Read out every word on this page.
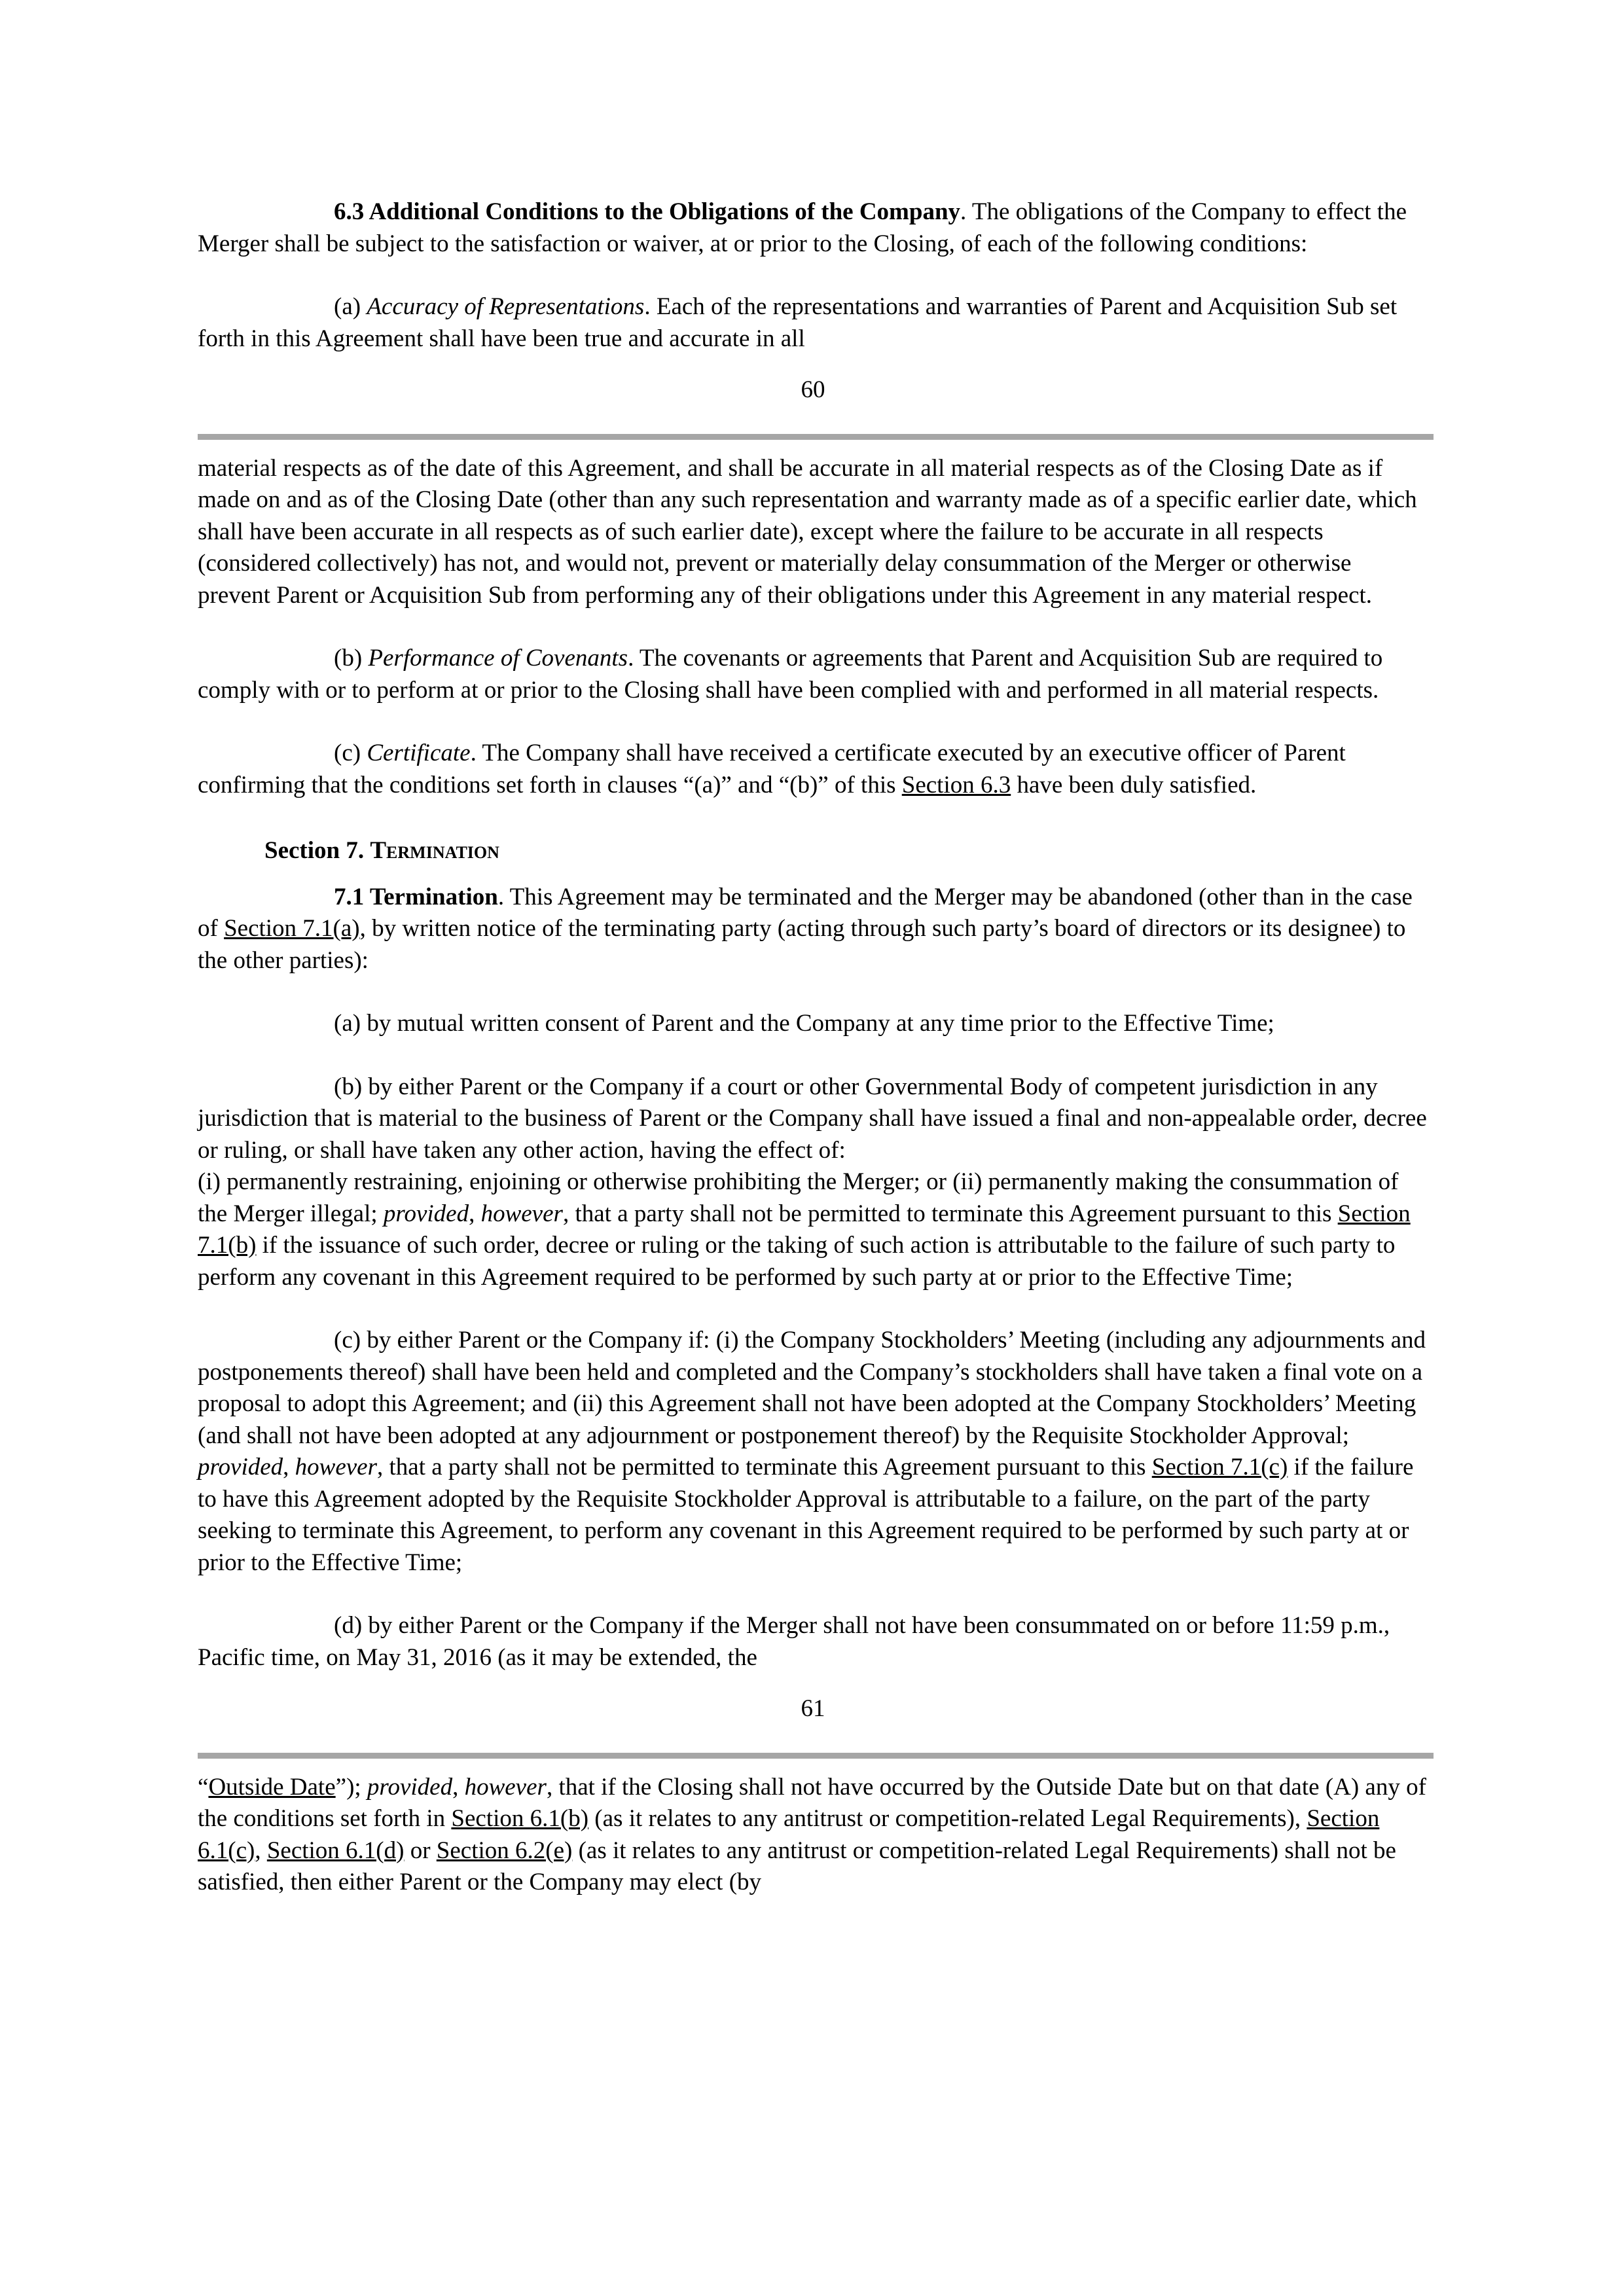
6.3 Additional Conditions to the Obligations of the Company. The obligations of the Company to effect the Merger shall be subject to the satisfaction or waiver, at or prior to the Closing, of each of the following conditions:

(a) Accuracy of Representations. Each of the representations and warranties of Parent and Acquisition Sub set forth in this Agreement shall have been true and accurate in all

60

material respects as of the date of this Agreement, and shall be accurate in all material respects as of the Closing Date as if made on and as of the Closing Date (other than any such representation and warranty made as of a specific earlier date, which shall have been accurate in all respects as of such earlier date), except where the failure to be accurate in all respects (considered collectively) has not, and would not, prevent or materially delay consummation of the Merger or otherwise prevent Parent or Acquisition Sub from performing any of their obligations under this Agreement in any material respect.

(b) Performance of Covenants. The covenants or agreements that Parent and Acquisition Sub are required to comply with or to perform at or prior to the Closing shall have been complied with and performed in all material respects.

(c) Certificate. The Company shall have received a certificate executed by an executive officer of Parent confirming that the conditions set forth in clauses “(a)” and “(b)” of this Section 6.3 have been duly satisfied.

Section 7. Termination

7.1 Termination. This Agreement may be terminated and the Merger may be abandoned (other than in the case of Section 7.1(a), by written notice of the terminating party (acting through such party’s board of directors or its designee) to the other parties):

(a) by mutual written consent of Parent and the Company at any time prior to the Effective Time;

(b) by either Parent or the Company if a court or other Governmental Body of competent jurisdiction in any jurisdiction that is material to the business of Parent or the Company shall have issued a final and non-appealable order, decree or ruling, or shall have taken any other action, having the effect of:

(i) permanently restraining, enjoining or otherwise prohibiting the Merger; or (ii) permanently making the consummation of the Merger illegal; provided, however, that a party shall not be permitted to terminate this Agreement pursuant to this Section 7.1(b) if the issuance of such order, decree or ruling or the taking of such action is attributable to the failure of such party to perform any covenant in this Agreement required to be performed by such party at or prior to the Effective Time;

(c) by either Parent or the Company if: (i) the Company Stockholders’ Meeting (including any adjournments and postponements thereof) shall have been held and completed and the Company’s stockholders shall have taken a final vote on a proposal to adopt this Agreement; and (ii) this Agreement shall not have been adopted at the Company Stockholders’ Meeting (and shall not have been adopted at any adjournment or postponement thereof) by the Requisite Stockholder Approval; provided, however, that a party shall not be permitted to terminate this Agreement pursuant to this Section 7.1(c) if the failure to have this Agreement adopted by the Requisite Stockholder Approval is attributable to a failure, on the part of the party seeking to terminate this Agreement, to perform any covenant in this Agreement required to be performed by such party at or prior to the Effective Time;

(d) by either Parent or the Company if the Merger shall not have been consummated on or before 11:59 p.m., Pacific time, on May 31, 2016 (as it may be extended, the

61

“Outside Date”); provided, however, that if the Closing shall not have occurred by the Outside Date but on that date (A) any of the conditions set forth in Section 6.1(b) (as it relates to any antitrust or competition-related Legal Requirements), Section 6.1(c), Section 6.1(d) or Section 6.2(e) (as it relates to any antitrust or competition-related Legal Requirements) shall not be satisfied, then either Parent or the Company may elect (by
